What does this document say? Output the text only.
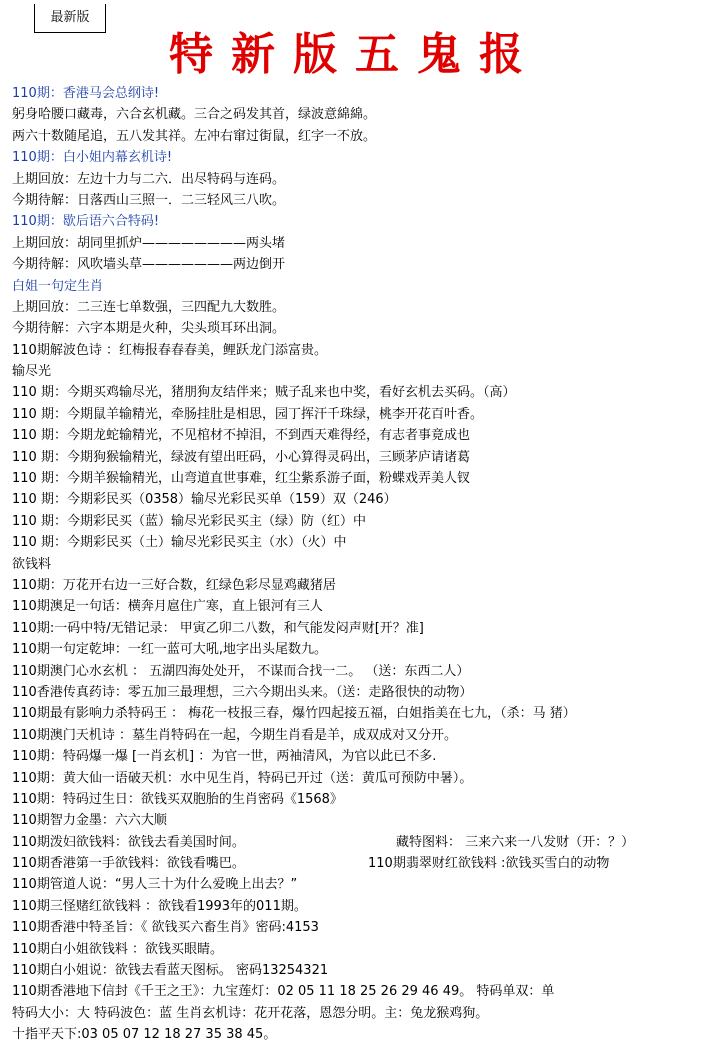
最新版
特新版五鬼报
110期：香港马会总纲诗!
躬身哈腰口藏毒，六合玄机藏。三合之码发其首，绿波意綿綿。
两六十数随尾追，五八发其祥。左冲右窜过街鼠，红字一不放。
110期：白小姐内幕玄机诗!
上期回放：左边十力与二六．出尽特码与连码。
今期待解：日落西山三照一．二三轻风三八吹。
110期：歇后语六合特码!
上期回放：胡同里抓炉————————两头堵
今期待解：风吹墙头草———————两边倒开
白姐一句定生肖
上期回放：二三连七单数强，三四配九大数胜。
今期待解：六字本期是火种，尖头琐耳环出洞。
110期解波色诗 ：红梅报春春春美，鲤跃龙门添富贵。
输尽光
110 期：今期买鸡输尽光，猪朋狗友结伴来；贼子乱来也中奖，看好玄机去买码。（高）
110 期：今期鼠羊输精光，牵肠挂肚是相思，园丁挥汗千珠绿，桃李开花百叶香。
110 期：今期龙蛇输精光，不见棺材不掉泪，不到西天难得经，有志者事竟成也
110 期：今期狗猴输精光，绿波有望出旺码，小心算得灵码出，三顾茅庐请诸葛
110 期：今期羊猴输精光，山弯道直世事难，红尘紫系游子面，粉蝶戏弄美人钗
110 期：今期彩民买（0358）输尽光彩民买单（159）双（246）
110 期：今期彩民买（蓝）输尽光彩民买主（绿）防（红）中
110 期：今期彩民买（土）输尽光彩民买主（水）（火）中
欲钱料
110期：万花开右边一三好合数，红绿色彩尽显鸡藏猪居
110期澳足一句话：横奔月扈住广寒，直上银河有三人
110期:一码中特/无错记录： 甲寅乙卯二八数，和气能发闷声财[开？准]
110期一句定乾坤：一红一蓝可大吼,地字出头尾数九。
110期澳门心水玄机 ： 五湖四海处处开， 不谋而合找一二。 （送：东西二人）
110香港传真药诗：零五加三最理想，三六今期出头来。（送：走路很快的动物）
110期最有影响力杀特码王 ： 梅花一枝报三春，爆竹四起接五福，白姐指美在七九，（杀：马 猪）
110期澳门天机诗 ：墓生肖特码在一起，今期生肖看是羊，成双成对又分开。
110期：特码爆一爆 [一肖玄机] ：为官一世，两袖清风，为官以此已不多.
110期：黄大仙一语破天机：水中见生肖，特码已开过（送：黄瓜可预防中暑）。
110期：特码过生日：欲钱买双胞胎的生肖密码《1568》
110期智力金墨：六六大顺
110期泼妇欲钱料：欲钱去看美国时间。	藏特图料： 三来六来一八发财（开：？）
110期香港第一手欲钱料：欲钱看嘴巴。	110期翡翠财红欲钱料 :欲钱买雪白的动物
110期管道人说：“男人三十为什么爱晚上出去？”
110期三怪赌红欲钱料 ：欲钱看1993年的011期。
110期香港中特圣旨：《 欲钱买六畜生肖》密码:4153
110期白小姐欲钱料 ：欲钱买眼睛。
110期白小姐说：欲钱去看蓝天图标。 密码13254321
110期香港地下信封《千王之王》：九宝莲灯：02 05 11 18 25 26 29 46 49。 特码单双：单
特码大小：大 特码波色：蓝 生肖玄机诗：花开花落，恩怨分明。主：兔龙猴鸡狗。
十指平天下:03 05 07 12 18 27 35 38 45。
